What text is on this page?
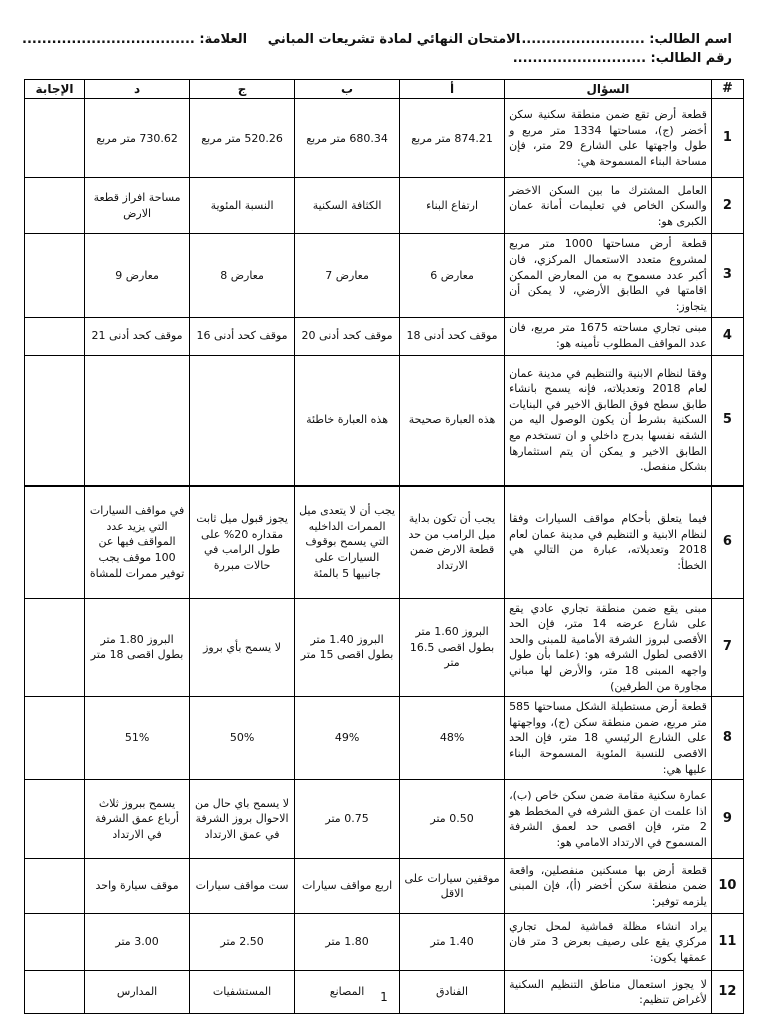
اسم الطالب: ..........................
رقم الطالب: ...........................
الامتحان النهائي لمادة تشريعات المباني
العلامة: ...................................
#	السؤال	أ	ب	ج	د	الإجابة
1	قطعة أرض تقع ضمن منطقة سكنية سكن أخضر (ج)، مساحتها 1334 متر مربع و طول واجهتها على الشارع 29 متر، فإن مساحة البناء المسموحة هي:	874.21 متر مربع	680.34 متر مربع	520.26 متر مربع	730.62 متر مربع	
2	العامل المشترك ما بين السكن الاخضر والسكن الخاص في تعليمات أمانة عمان الكبرى هو:	ارتفاع البناء	الكثافة السكنية	النسبة المئوية	مساحة افراز قطعة الارض	
3	قطعة أرض مساحتها 1000 متر مربع لمشروع متعدد الاستعمال المركزي، فان أكبر عدد مسموح به من المعارض الممكن اقامتها في الطابق الأرضي، لا يمكن أن يتجاوز:	معارض 6	معارض 7	معارض 8	معارض 9	
4	مبنى تجاري مساحته 1675 متر مربع، فان عدد المواقف المطلوب تأمينه هو:	موقف كحد أدنى 18	موقف كحد أدنى 20	موقف كحد أدنى 16	موقف كحد أدنى 21	
5	وفقا لنظام الابنية والتنظيم في مدينة عمان لعام 2018 وتعديلاته، فإنه يسمح بانشاء طابق سطح فوق الطابق الاخير في البنايات السكنية بشرط أن يكون الوصول اليه من الشقه نفسها بدرج داخلي و ان تستخدم مع الطابق الاخير و يمكن أن يتم استثمارها بشكل منفصل.	هذه العبارة صحيحة	هذه العبارة خاطئة			
6	فيما يتعلق بأحكام مواقف السيارات وفقا لنظام الابنية و التنظيم في مدينة عمان لعام 2018 وتعديلاته، عبارة من التالي هي الخطأ:	يجب أن تكون بداية ميل الرامب من حد قطعة الارض ضمن الارتداد	يجب أن لا يتعدى ميل الممرات الداخليه التي يسمح بوقوف السيارات على جانبيها 5 بالمئة	يجوز قبول ميل ثابت مقداره 20% على طول الرامب في حالات مبررة	في مواقف السيارات التي يزيد عدد المواقف فيها عن 100 موقف يجب توفير ممرات للمشاة	
7	مبنى يقع ضمن منطقة تجاري عادي يقع على شارع عرضه 14 متر، فإن الحد الأقصى لبروز الشرفة الأمامية للمبنى والحد الاقصى لطول الشرفه هو: (علما بأن طول واجهه المبنى 18 متر، والأرض لها مباني مجاورة من الطرفين)	البروز 1.60 متر بطول اقصى 16.5 متر	البروز 1.40 متر بطول اقصى 15 متر	لا يسمح بأي بروز	البروز 1.80 متر بطول اقصى 18 متر	
8	قطعة أرض مستطيلة الشكل مساحتها 585 متر مربع، ضمن منطقة سكن (ج)، وواجهتها على الشارع الرئيسي 18 متر، فإن الحد الاقصى للنسبة المئوية المسموحة البناء عليها هي:	48%	49%	50%	51%	
9	عمارة سكنية مقامة ضمن سكن خاص (ب)، اذا علمت ان عمق الشرفه في المخطط هو 2 متر، فإن اقصى حد لعمق الشرفة المسموح في الارتداد الامامي هو:	0.50 متر	0.75 متر	لا يسمح باي حال من الاحوال بروز الشرفة في عمق الارتداد	يسمح ببروز ثلاث أرباع عمق الشرفة في الارتداد	
10	قطعة أرض بها مسكنين منفصلين، واقعة ضمن منطقة سكن أخضر (أ)، فإن المبنى يلزمه توفير:	موقفين سيارات على الاقل	اربع مواقف سيارات	ست مواقف سيارات	موقف سيارة واحد	
11	يراد انشاء مظلة قماشية لمحل تجاري مركزي يقع على رصيف بعرض 3 متر فان عمقها يكون:	1.40 متر	1.80 متر	2.50 متر	3.00 متر	
12	لا يجوز استعمال مناطق التنظيم السكنية لأغراض تنظيم:	الفنادق	المصانع	المستشفيات	المدارس		1
